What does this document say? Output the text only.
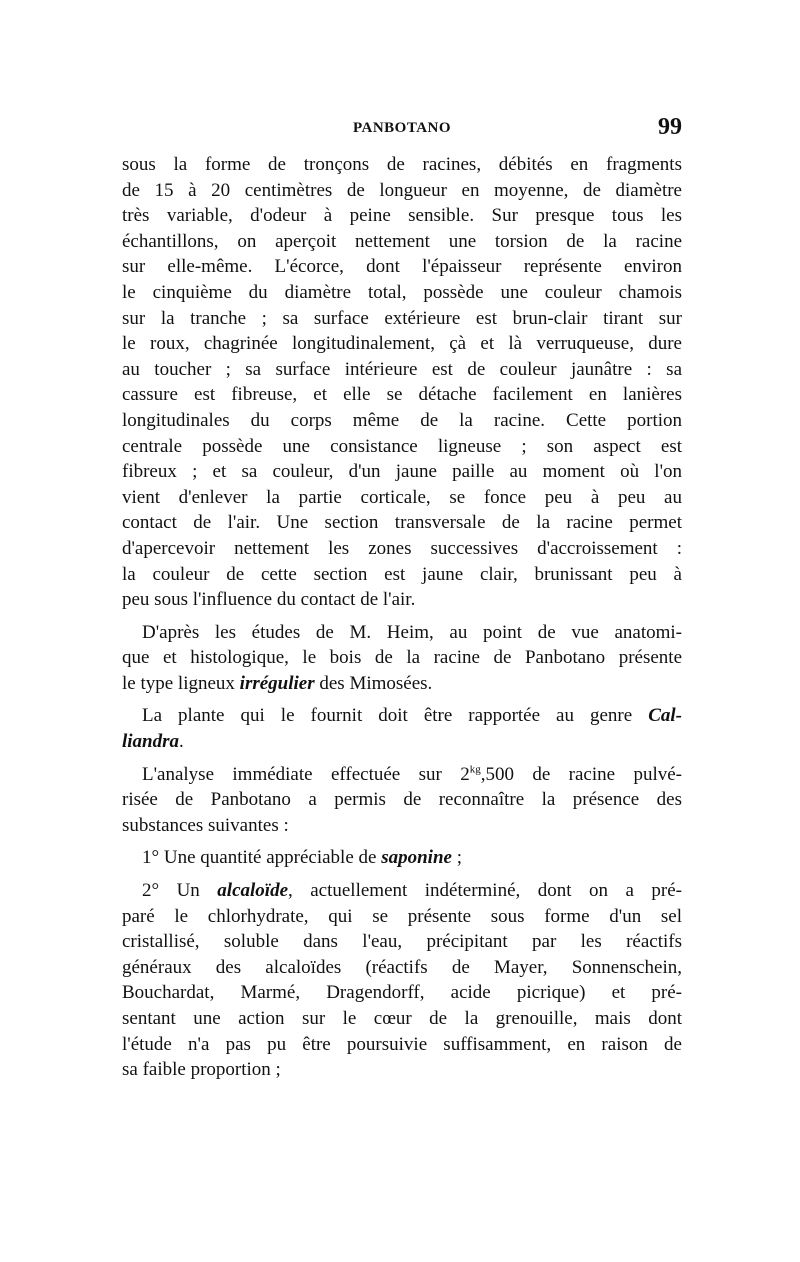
PANBOTANO	99
sous la forme de tronçons de racines, débités en fragments
de 15 à 20 centimètres de longueur en moyenne, de diamètre
très variable, d'odeur à peine sensible. Sur presque tous les
échantillons, on aperçoit nettement une torsion de la racine
sur elle-même. L'écorce, dont l'épaisseur représente environ
le cinquième du diamètre total, possède une couleur chamois
sur la tranche ; sa surface extérieure est brun-clair tirant sur
le roux, chagrinée longitudinalement, çà et là verruqueuse, dure
au toucher ; sa surface intérieure est de couleur jaunâtre : sa
cassure est fibreuse, et elle se détache facilement en lanières
longitudinales du corps même de la racine. Cette portion
centrale possède une consistance ligneuse ; son aspect est
fibreux ; et sa couleur, d'un jaune paille au moment où l'on
vient d'enlever la partie corticale, se fonce peu à peu au
contact de l'air. Une section transversale de la racine permet
d'apercevoir nettement les zones successives d'accroissement :
la couleur de cette section est jaune clair, brunissant peu à
peu sous l'influence du contact de l'air.
D'après les études de M. Heim, au point de vue anatomi-
que et histologique, le bois de la racine de Panbotano présente
le type ligneux irrégulier des Mimosées.
La plante qui le fournit doit être rapportée au genre Cal-
liandra.
L'analyse immédiate effectuée sur $2^{kg},500$ de racine pulvé-
risée de Panbotano a permis de reconnaître la présence des
substances suivantes :
1° Une quantité appréciable de saponine ;
2° Un alcaloïde, actuellement indéterminé, dont on a pré-
paré le chlorhydrate, qui se présente sous forme d'un sel
cristallisé, soluble dans l'eau, précipitant par les réactifs
généraux des alcaloïdes (réactifs de Mayer, Sonnenschein,
Bouchardat, Marmé, Dragendorff, acide picrique) et pré-
sentant une action sur le cœur de la grenouille, mais dont
l'étude n'a pas pu être poursuivie suffisamment, en raison de
sa faible proportion ;
